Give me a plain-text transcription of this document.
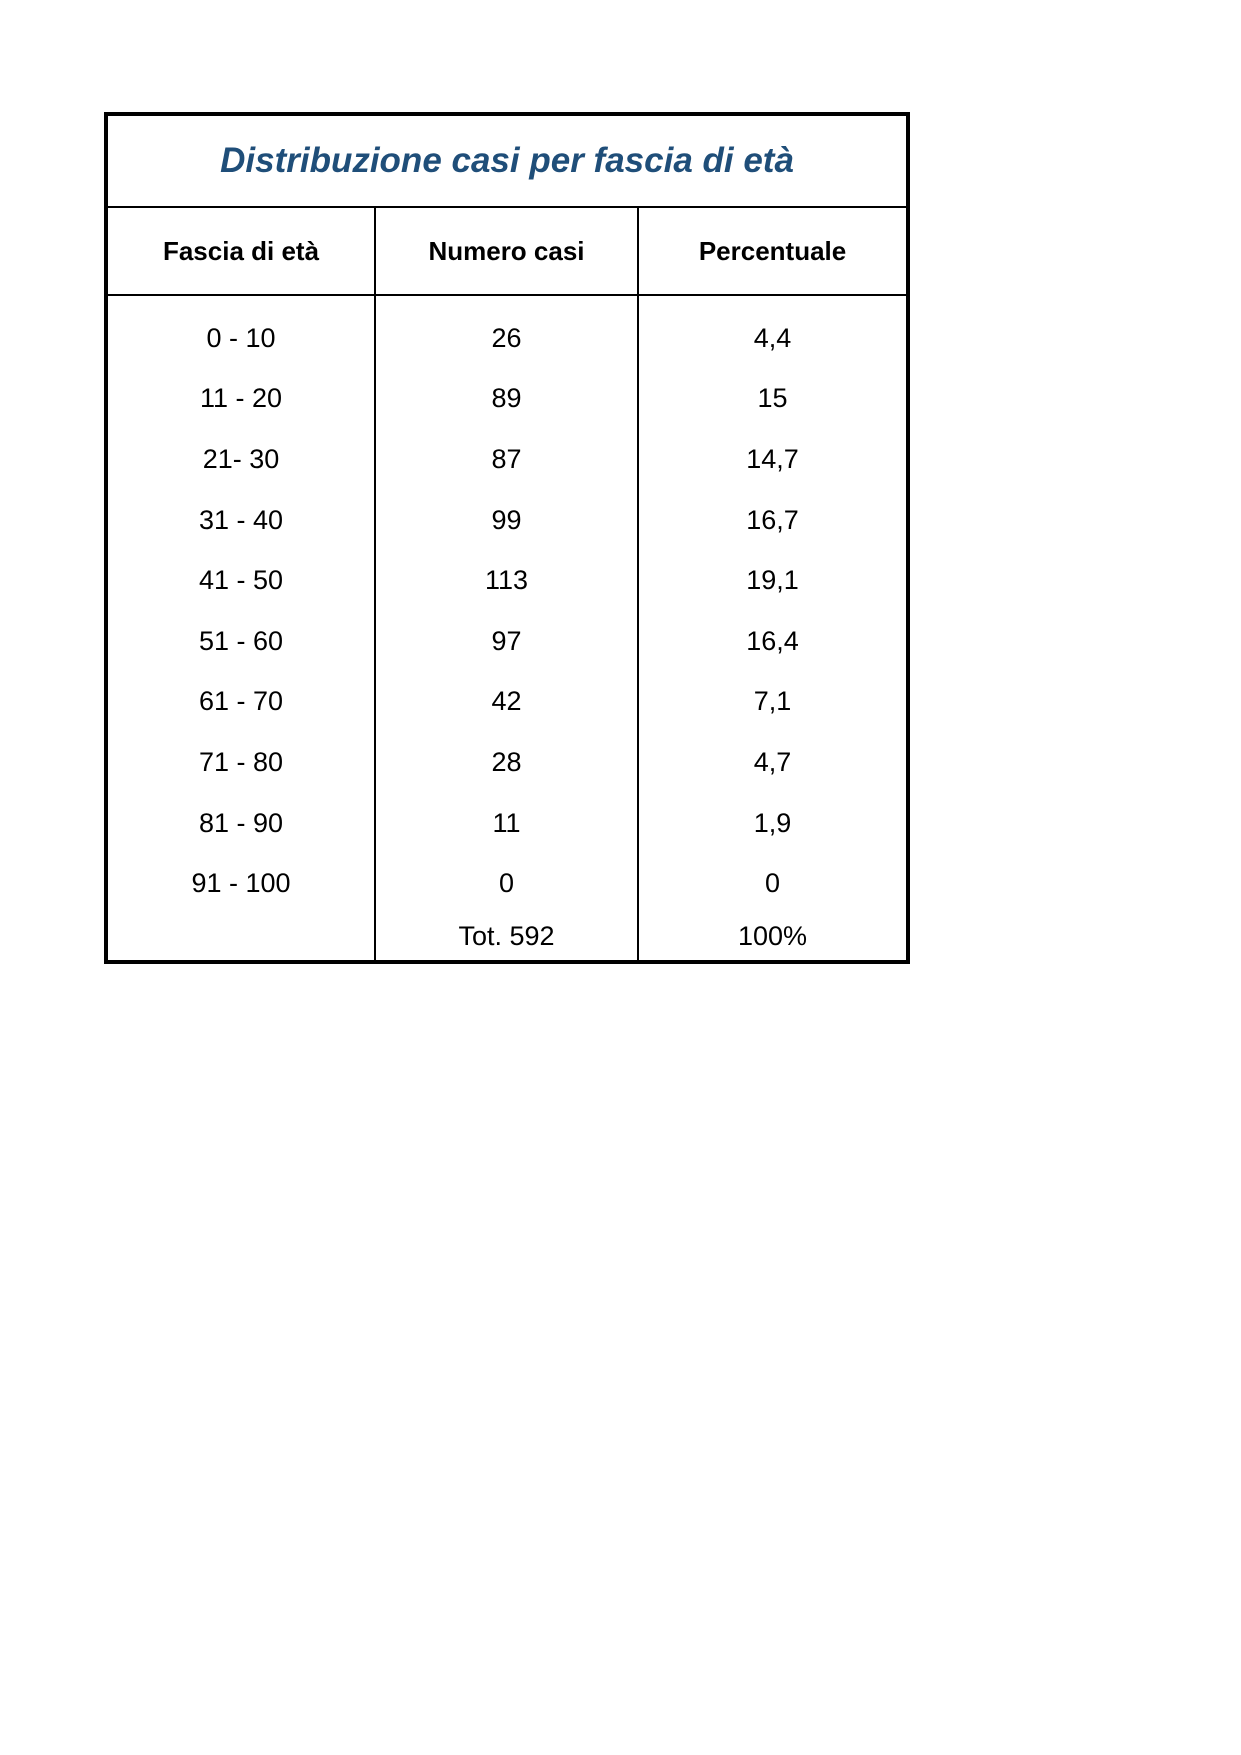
Distribuzione casi per fascia di età		
Fascia di età	Numero casi	Percentuale
0 - 10	26	4,4
11 - 20	89	15
21- 30	87	14,7
31 - 40	99	16,7
41 - 50	113	19,1
51 - 60	97	16,4
61 - 70	42	7,1
71 - 80	28	4,7
81 - 90	11	1,9
91 - 100	0	0
	Tot. 592	100%
